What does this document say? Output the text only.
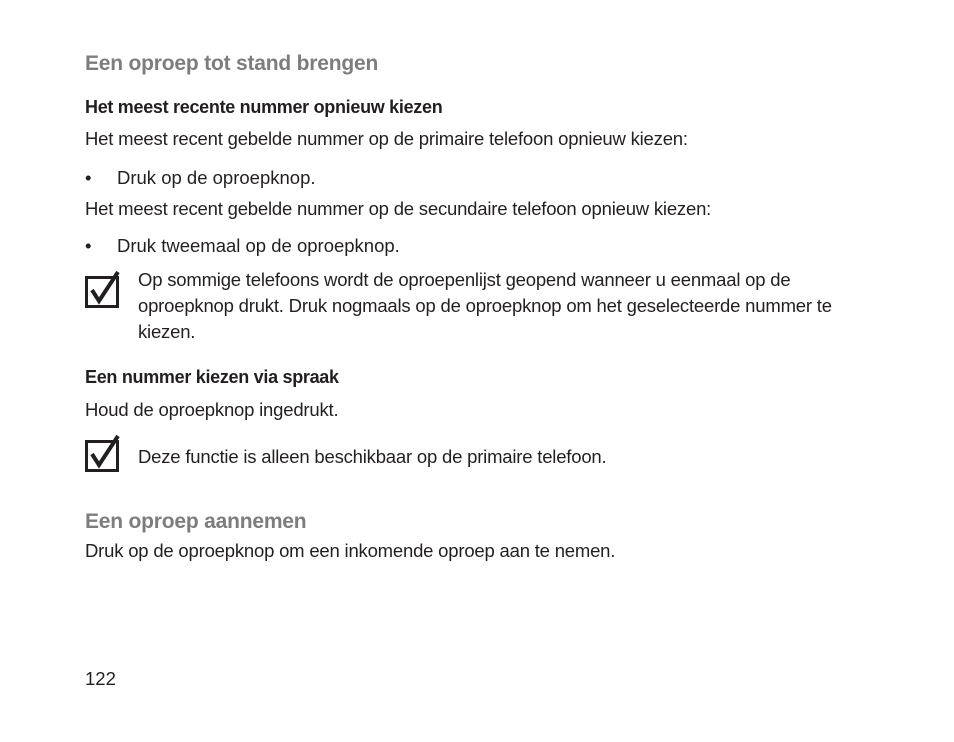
Een oproep tot stand brengen
Het meest recente nummer opnieuw kiezen
Het meest recent gebelde nummer op de primaire telefoon opnieuw kiezen:
• Druk op de oproepknop.
Het meest recent gebelde nummer op de secundaire telefoon opnieuw kiezen:
• Druk tweemaal op de oproepknop.
Op sommige telefoons wordt de oproepenlijst geopend wanneer u eenmaal op de oproepknop drukt. Druk nogmaals op de oproepknop om het geselecteerde nummer te kiezen.
Een nummer kiezen via spraak
Houd de oproepknop ingedrukt.
Deze functie is alleen beschikbaar op de primaire telefoon.
Een oproep aannemen
Druk op de oproepknop om een inkomende oproep aan te nemen.
122
